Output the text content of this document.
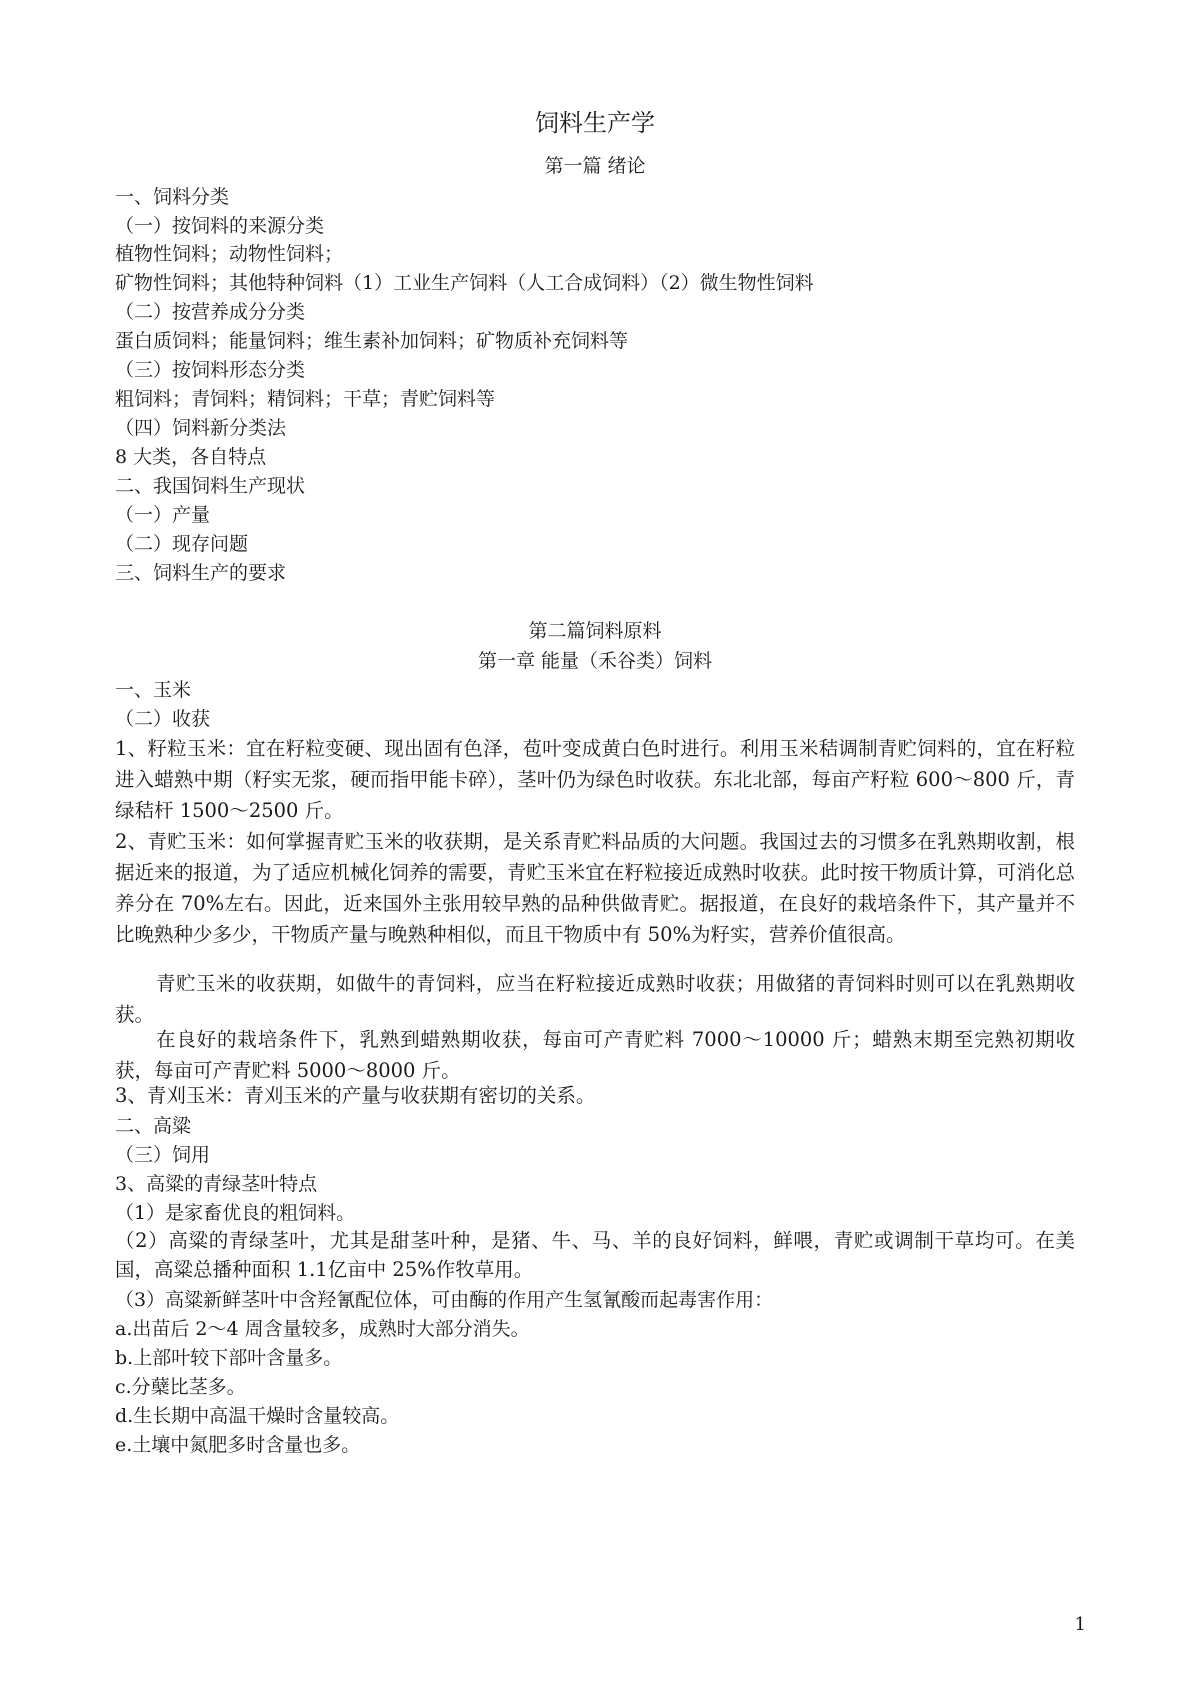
饲料生产学
第一篇 绪论
一、饲料分类
（一）按饲料的来源分类
植物性饲料；动物性饲料；
矿物性饲料；其他特种饲料（1）工业生产饲料（人工合成饲料）（2）微生物性饲料
（二）按营养成分分类
蛋白质饲料；能量饲料；维生素补加饲料；矿物质补充饲料等
（三）按饲料形态分类
粗饲料；青饲料；精饲料；干草；青贮饲料等
（四）饲料新分类法
8 大类，各自特点
二、我国饲料生产现状
（一）产量
（二）现存问题
三、饲料生产的要求
第二篇饲料原料
第一章 能量（禾谷类）饲料
一、玉米
（二）收获
1、籽粒玉米：宜在籽粒变硬、现出固有色泽，苞叶变成黄白色时进行。利用玉米秸调制青贮饲料的，宜在籽粒进入蜡熟中期（籽实无浆，硬而指甲能卡碎），茎叶仍为绿色时收获。东北北部，每亩产籽粒 600～800 斤，青绿秸杆 1500～2500 斤。
2、青贮玉米：如何掌握青贮玉米的收获期，是关系青贮料品质的大问题。我国过去的习惯多在乳熟期收割，根据近来的报道，为了适应机械化饲养的需要，青贮玉米宜在籽粒接近成熟时收获。此时按干物质计算，可消化总养分在 70%左右。因此，近来国外主张用较早熟的品种供做青贮。据报道，在良好的栽培条件下，其产量并不比晚熟种少多少，干物质产量与晚熟种相似，而且干物质中有 50%为籽实，营养价值很高。
青贮玉米的收获期，如做牛的青饲料，应当在籽粒接近成熟时收获；用做猪的青饲料时则可以在乳熟期收获。
在良好的栽培条件下，乳熟到蜡熟期收获，每亩可产青贮料 7000～10000 斤；蜡熟末期至完熟初期收获，每亩可产青贮料 5000～8000 斤。
3、青刈玉米：青刈玉米的产量与收获期有密切的关系。
二、高粱
（三）饲用
3、高粱的青绿茎叶特点
（1）是家畜优良的粗饲料。
（2）高粱的青绿茎叶，尤其是甜茎叶种，是猪、牛、马、羊的良好饲料，鲜喂，青贮或调制干草均可。在美国，高粱总播种面积 1.1亿亩中 25%作牧草用。
（3）高粱新鲜茎叶中含羟氰配位体，可由酶的作用产生氢氰酸而起毒害作用：
a.出苗后 2～4 周含量较多，成熟时大部分消失。
b.上部叶较下部叶含量多。
c.分蘖比茎多。
d.生长期中高温干燥时含量较高。
e.土壤中氮肥多时含量也多。
1
